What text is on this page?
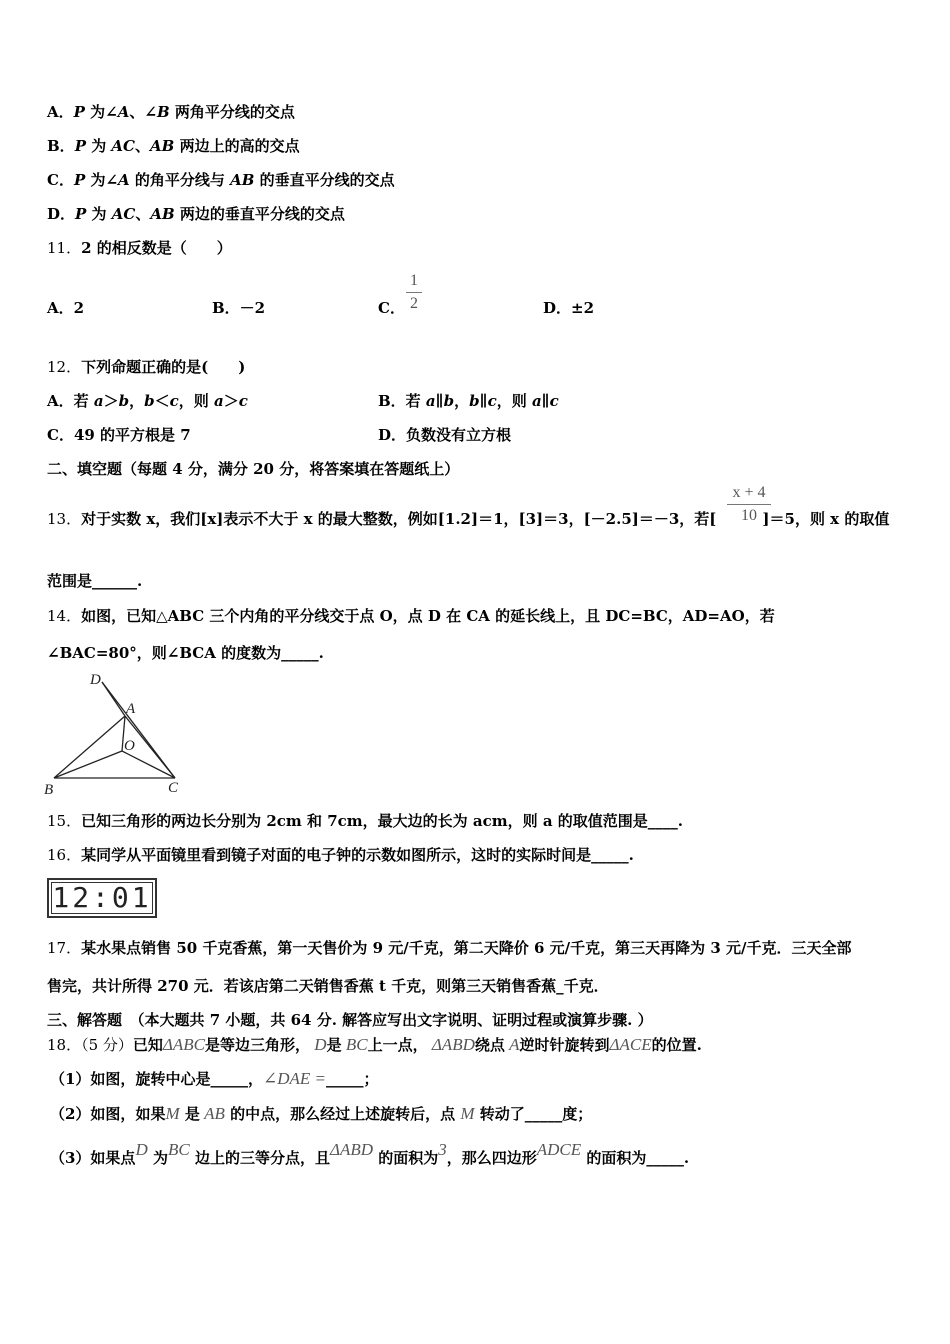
A．P 为∠A、∠B 两角平分线的交点
B．P 为 AC、AB 两边上的高的交点
C．P 为∠A 的角平分线与 AB 的垂直平分线的交点
D．P 为 AC、AB 两边的垂直平分线的交点
11．2 的相反数是（　　）
A．2	B．－2	C．
1
2	D．±2
12．下列命题正确的是(　　)
A．若 a＞b，b＜c，则 a＞c	B．若 a∥b，b∥c，则 a∥c
C．49 的平方根是 7	D．负数没有立方根
二、填空题（每题 4 分，满分 20 分，将答案填在答题纸上）
13．对于实数 x，我们[x]表示不大于 x 的最大整数，例如[1.2]＝1，[3]＝3，[－2.5]＝－3，若[	]＝5，则 x 的取值
x + 4
10
范围是______.
14．如图，已知△ABC 三个内角的平分线交于点 O，点 D 在 CA 的延长线上，且 DC=BC，AD=AO，若
∠BAC=80°，则∠BCA 的度数为_____.
D
A
O
B	C
15．已知三角形的两边长分别为 2cm 和 7cm，最大边的长为 acm，则 a 的取值范围是____.
16．某同学从平面镜里看到镜子对面的电子钟的示数如图所示，这时的实际时间是_____.
12:01
17．某水果点销售 50 千克香蕉，第一天售价为 9 元/千克，第二天降价 6 元/千克，第三天再降为 3 元/千克．三天全部
售完，共计所得 270 元．若该店第二天销售香蕉 t 千克，则第三天销售香蕉_千克．
三、解答题　（本大题共 7 小题，共 64 分. 解答应写出文字说明、证明过程或演算步骤. ）
18．（5 分）已知ΔABC是等边三角形， D是 BC上一点， ΔABD绕点 A逆时针旋转到ΔACE的位置.
（1）如图，旋转中心是_____，∠DAE =_____；
（2）如图，如果M 是 AB 的中点，那么经过上述旋转后，点 M 转动了_____度；
（3）如果点D 为BC 边上的三等分点，且ΔABD 的面积为3，那么四边形ADCE 的面积为_____.
